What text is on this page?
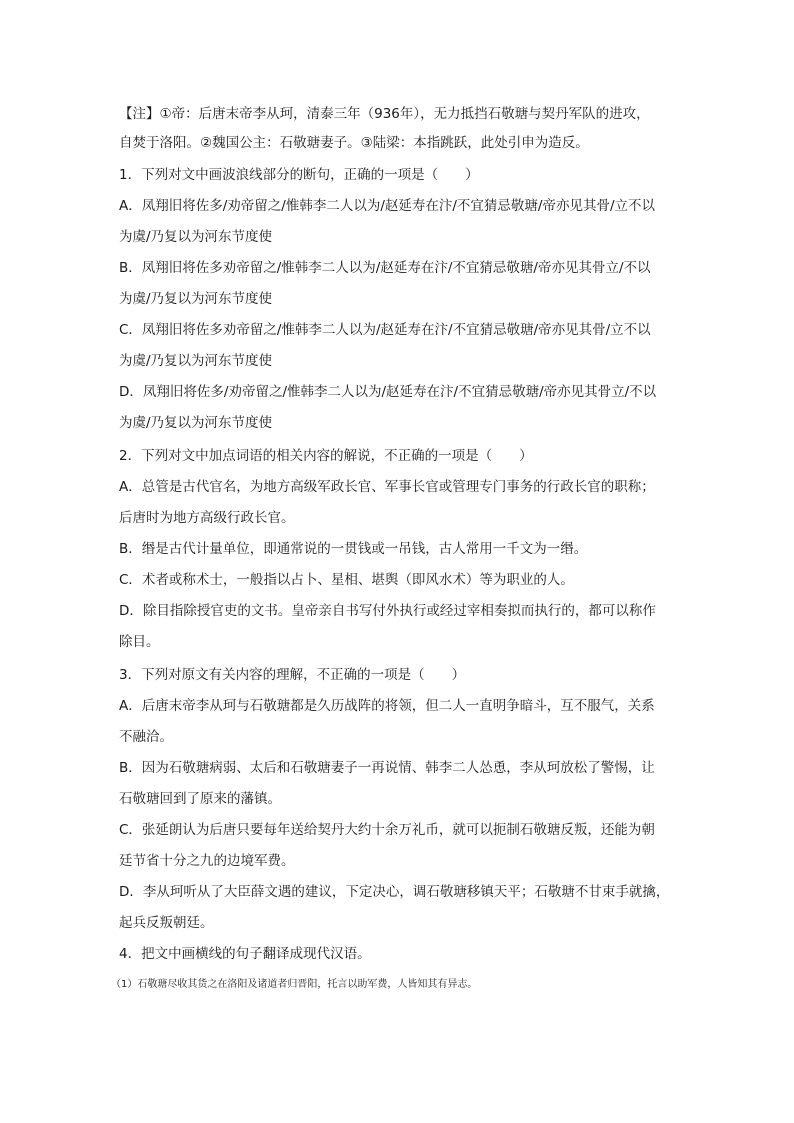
【注】①帝：后唐末帝李从珂，清泰三年（936年），无力抵挡石敬瑭与契丹军队的进攻，

自焚于洛阳。②魏国公主：石敬瑭妻子。③陆梁：本指跳跃，此处引申为造反。

1．下列对文中画波浪线部分的断句，正确的一项是（　　）

A．凤翔旧将佐多/劝帝留之/惟韩李二人以为/赵延寿在汴/不宜猜忌敬瑭/帝亦见其骨/立不以

为虞/乃复以为河东节度使

B．凤翔旧将佐多劝帝留之/惟韩李二人以为/赵延寿在汴/不宜猜忌敬瑭/帝亦见其骨立/不以

为虞/乃复以为河东节度使

C．凤翔旧将佐多劝帝留之/惟韩李二人以为/赵延寿在汴/不宜猜忌敬瑭/帝亦见其骨/立不以

为虞/乃复以为河东节度使

D．凤翔旧将佐多/劝帝留之/惟韩李二人以为/赵延寿在汴/不宜猜忌敬瑭/帝亦见其骨立/不以

为虞/乃复以为河东节度使

2．下列对文中加点词语的相关内容的解说，不正确的一项是（　　）

A．总管是古代官名，为地方高级军政长官、军事长官或管理专门事务的行政长官的职称；

后唐时为地方高级行政长官。

B．缗是古代计量单位，即通常说的一贯钱或一吊钱，古人常用一千文为一缗。

C．术者或称术士，一般指以占卜、星相、堪舆（即风水术）等为职业的人。

D．除目指除授官吏的文书。皇帝亲自书写付外执行或经过宰相奏拟而执行的，都可以称作

除目。

3．下列对原文有关内容的理解，不正确的一项是（　　）

A．后唐末帝李从珂与石敬瑭都是久历战阵的将领，但二人一直明争暗斗，互不服气，关系

不融洽。

B．因为石敬瑭病弱、太后和石敬瑭妻子一再说情、韩李二人怂恿，李从珂放松了警惕，让

石敬瑭回到了原来的藩镇。

C．张延朗认为后唐只要每年送给契丹大约十余万礼币，就可以扼制石敬瑭反叛，还能为朝

廷节省十分之九的边境军费。

D．李从珂听从了大臣薛文遇的建议，下定决心，调石敬瑭移镇天平；石敬瑭不甘束手就擒，

起兵反叛朝廷。

4．把文中画横线的句子翻译成现代汉语。

（1）石敬瑭尽收其货之在洛阳及诸道者归晋阳，托言以助军费，人皆知其有异志。
